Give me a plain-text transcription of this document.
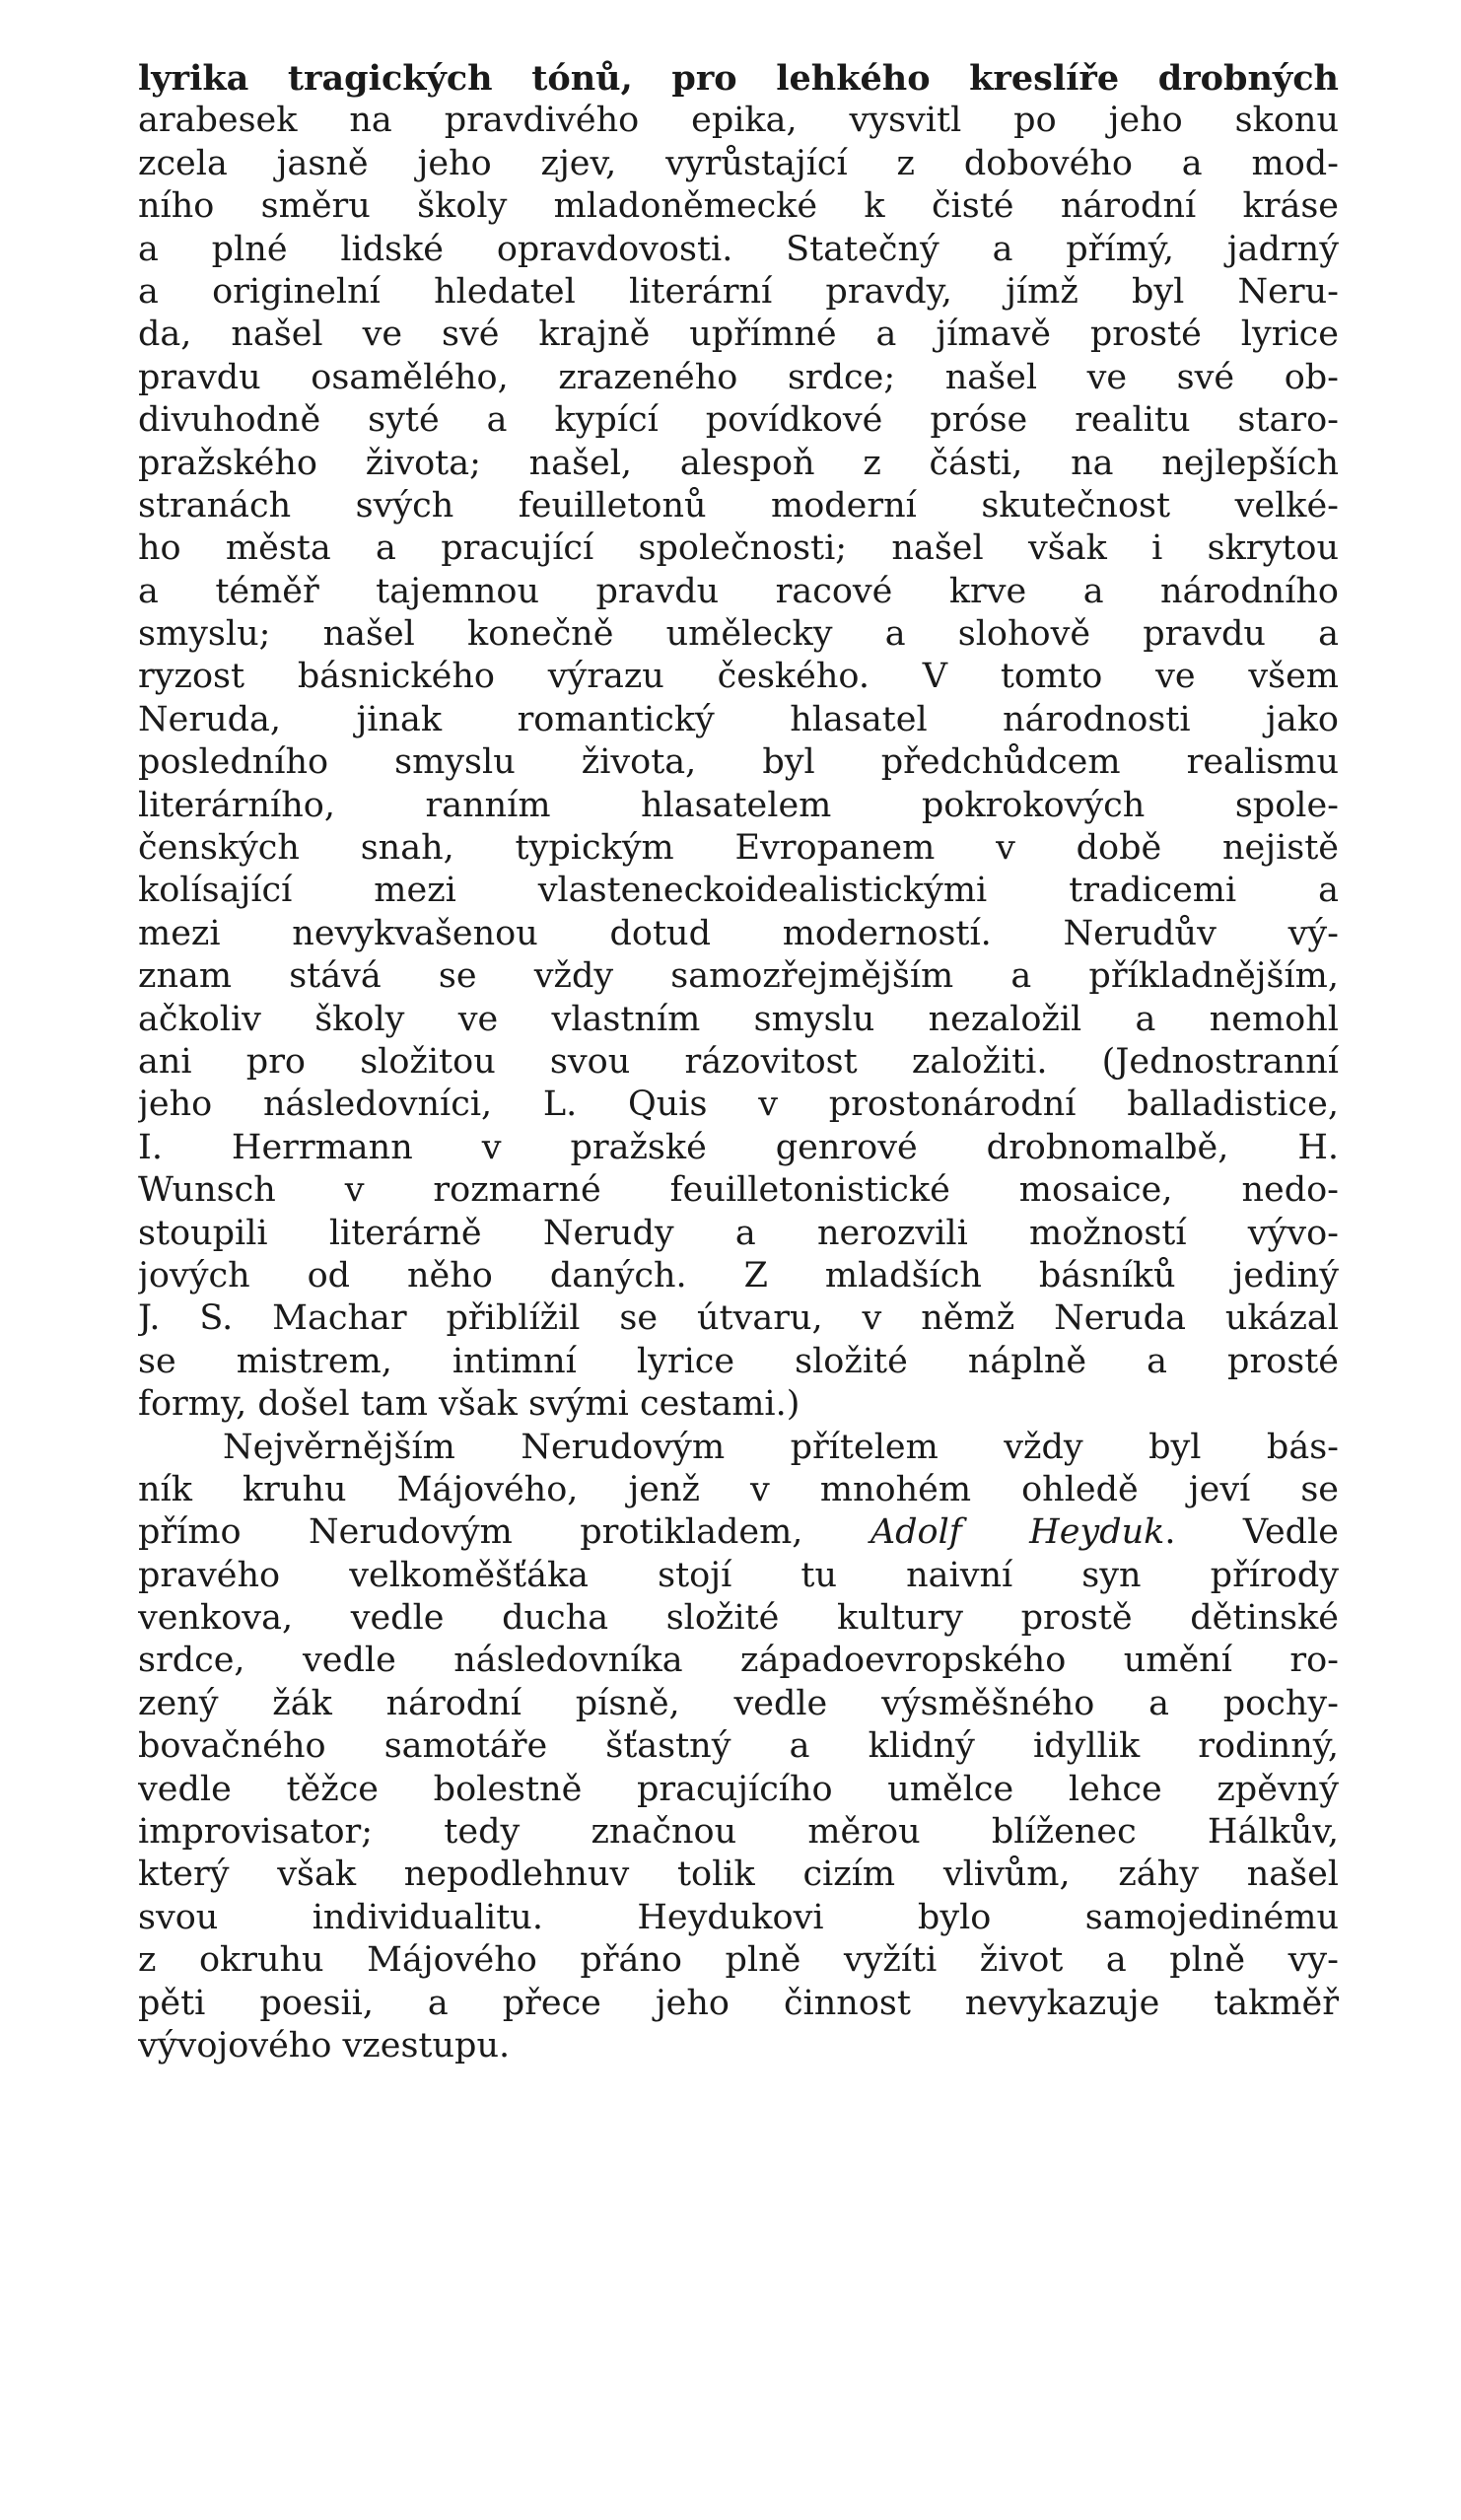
lyrika tragických tónů, pro lehkého kreslíře drobných
arabesek na pravdivého epika, vysvitl po jeho skonu
zcela jasně jeho zjev, vyrůstající z dobového a mod-
ního směru školy mladoněmecké k čisté národní kráse
a plné lidské opravdovosti. Statečný a přímý, jadrný
a originelní hledatel literární pravdy, jímž byl Neru-
da, našel ve své krajně upřímné a jímavě prosté lyrice
pravdu osamělého, zrazeného srdce; našel ve své ob-
divuhodně syté a kypící povídkové próse realitu staro-
pražského života; našel, alespoň z části, na nejlepších
stranách svých feuilletonů moderní skutečnost velké-
ho města a pracující společnosti; našel však i skrytou
a téměř tajemnou pravdu racové krve a národního
smyslu; našel konečně umělecky a slohově pravdu a
ryzost básnického výrazu českého. V tomto ve všem
Neruda, jinak romantický hlasatel národnosti jako
posledního smyslu života, byl předchůdcem realismu
literárního, ranním hlasatelem pokrokových spole-
čenských snah, typickým Evropanem v době nejistě
kolísající mezi vlasteneckoidealistickými tradicemi a
mezi nevykvašenou dotud moderností. Nerudův vý-
znam stává se vždy samozřejmějším a příkladnějším,
ačkoliv školy ve vlastním smyslu nezaložil a nemohl
ani pro složitou svou rázovitost založiti. (Jednostranní
jeho následovníci, L. Quis v prostonárodní balladistice,
I. Herrmann v pražské genrové drobnomalbě, H.
Wunsch v rozmarné feuilletonistické mosaice, nedo-
stoupili literárně Nerudy a nerozvili možností vývo-
jových od něho daných. Z mladších básníků jediný
J. S. Machar přiblížil se útvaru, v němž Neruda ukázal
se mistrem, intimní lyrice složité náplně a prosté
formy, došel tam však svými cestami.)
Nejvěrnějším Nerudovým přítelem vždy byl bás-
ník kruhu Májového, jenž v mnohém ohledě jeví se
přímo Nerudovým protikladem, Adolf Heyduk. Vedle
pravého velkoměšťáka stojí tu naivní syn přírody
venkova, vedle ducha složité kultury prostě dětinské
srdce, vedle následovníka západoevropského umění ro-
zený žák národní písně, vedle výsměšného a pochy-
bovačného samotáře šťastný a klidný idyllik rodinný,
vedle těžce bolestně pracujícího umělce lehce zpěvný
improvisator; tedy značnou měrou blíženec Hálkův,
který však nepodlehnuv tolik cizím vlivům, záhy našel
svou individualitu. Heydukovi bylo samojedinému
z okruhu Májového přáno plně vyžíti život a plně vy-
pěti poesii, a přece jeho činnost nevykazuje takměř
vývojového vzestupu.
